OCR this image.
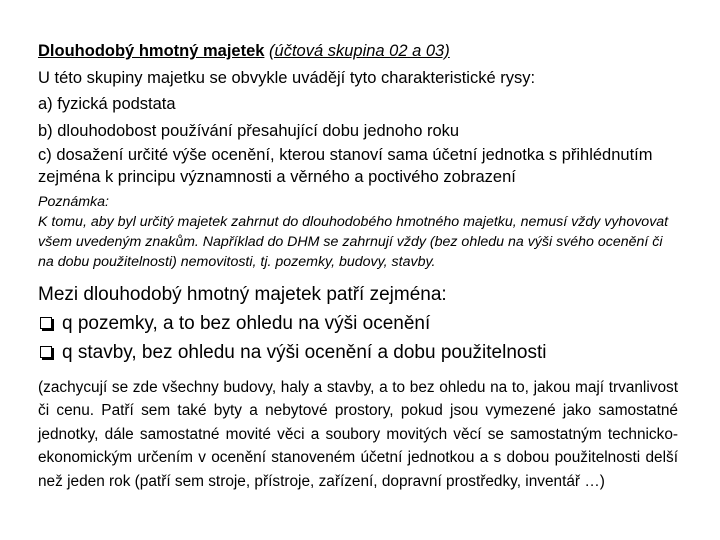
Dlouhodobý hmotný majetek (účtová skupina 02 a 03)
U této skupiny majetku se obvykle uvádějí tyto charakteristické rysy:
a) fyzická podstata
b) dlouhodobost používání přesahující dobu jednoho roku
c) dosažení určité výše ocenění, kterou stanoví sama účetní jednotka s přihlédnutím zejména k principu významnosti a věrného a poctivého zobrazení
Poznámka:
K tomu, aby byl určitý majetek zahrnut do dlouhodobého hmotného majetku, nemusí vždy vyhovovat všem uvedeným znakům. Například do DHM se zahrnují vždy (bez ohledu na výši svého ocenění či na dobu použitelnosti) nemovitosti, tj. pozemky, budovy, stavby.
Mezi dlouhodobý hmotný majetek patří zejména:
q pozemky, a to bez ohledu na výši ocenění
q stavby, bez ohledu na výši ocenění a dobu použitelnosti
(zachycují se zde všechny budovy, haly a stavby, a to bez ohledu na to, jakou mají trvanlivost či cenu. Patří sem také byty a nebytové prostory, pokud jsou vymezené jako samostatné jednotky, dále samostatné movité věci a soubory movitých věcí se samostatným technicko-ekonomickým určením v ocenění stanoveném účetní jednotkou a s dobou použitelnosti delší než jeden rok (patří sem stroje, přístroje, zařízení, dopravní prostředky, inventář …)
